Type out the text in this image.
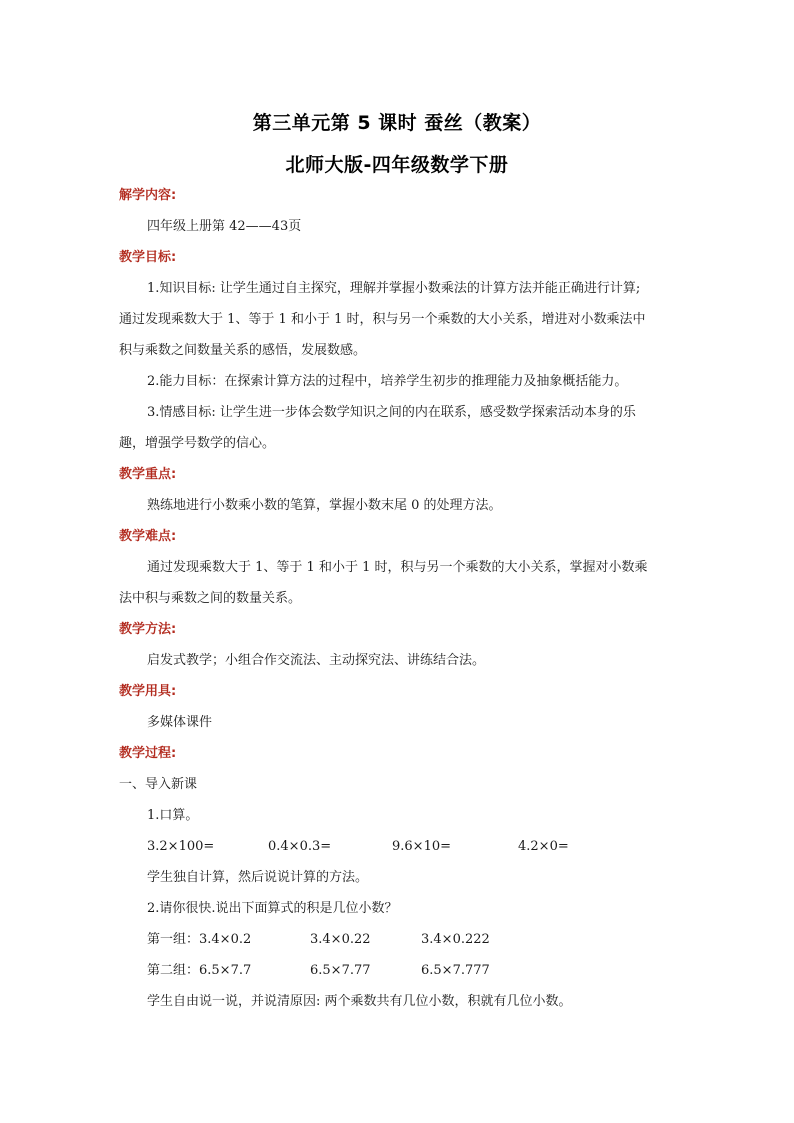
第三单元第 5 课时 蚕丝（教案）
北师大版-四年级数学下册
解学内容:
四年级上册第 42——43页
教学目标:
1.知识目标: 让学生通过自主探究，理解并掌握小数乘法的计算方法并能正确进行计算;
通过发现乘数大于 1、等于 1 和小于 1 时，积与另一个乘数的大小关系，增进对小数乘法中
积与乘数之间数量关系的感悟，发展数感。
2.能力目标：在探索计算方法的过程中，培养学生初步的推理能力及抽象概括能力。
3.情感目标: 让学生进一步体会数学知识之间的内在联系，感受数学探索活动本身的乐
趣，增强学号数学的信心。
教学重点:
熟练地进行小数乘小数的笔算，掌握小数末尾 0 的处理方法。
教学难点:
通过发现乘数大于 1、等于 1 和小于 1 时，积与另一个乘数的大小关系，掌握对小数乘
法中积与乘数之间的数量关系。
教学方法:
启发式教学；小组合作交流法、主动探究法、讲练结合法。
教学用具:
多媒体课件
教学过程:
一、导入新课
1.口算。
3.2×100=	0.4×0.3=	9.6×10=	4.2×0=
学生独自计算，然后说说计算的方法。
2.请你很快.说出下面算式的积是几位小数？
第一组：3.4×0.2	3.4×0.22	3.4×0.222
第二组：6.5×7.7	6.5×7.77	6.5×7.777
学生自由说一说，并说清原因: 两个乘数共有几位小数，积就有几位小数。
